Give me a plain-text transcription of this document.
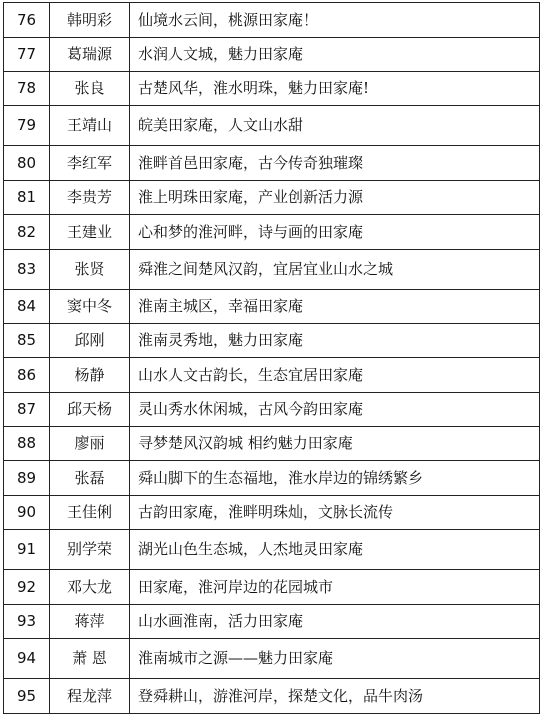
76	韩明彩	仙境水云间，桃源田家庵！
77	葛瑞源	水润人文城，魅力田家庵
78	张良	古楚风华，淮水明珠，魅力田家庵!
79	王靖山	皖美田家庵，人文山水甜
80	李红军	淮畔首邑田家庵，古今传奇独璀璨
81	李贵芳	淮上明珠田家庵，产业创新活力源
82	王建业	心和梦的淮河畔，诗与画的田家庵
83	张贤	舜淮之间楚风汉韵，宜居宜业山水之城
84	窦中冬	淮南主城区，幸福田家庵
85	邱刚	淮南灵秀地，魅力田家庵
86	杨静	山水人文古韵长，生态宜居田家庵
87	邱天杨	灵山秀水休闲城，古风今韵田家庵
88	廖丽	寻梦楚风汉韵城 相约魅力田家庵
89	张磊	舜山脚下的生态福地，淮水岸边的锦绣繁乡
90	王佳俐	古韵田家庵，淮畔明珠灿，文脉长流传
91	别学荣	湖光山色生态城，人杰地灵田家庵
92	邓大龙	田家庵，淮河岸边的花园城市
93	蒋萍	山水画淮南，活力田家庵
94	萧 恩	淮南城市之源——魅力田家庵
95	程龙萍	登舜耕山，游淮河岸，探楚文化，品牛肉汤
